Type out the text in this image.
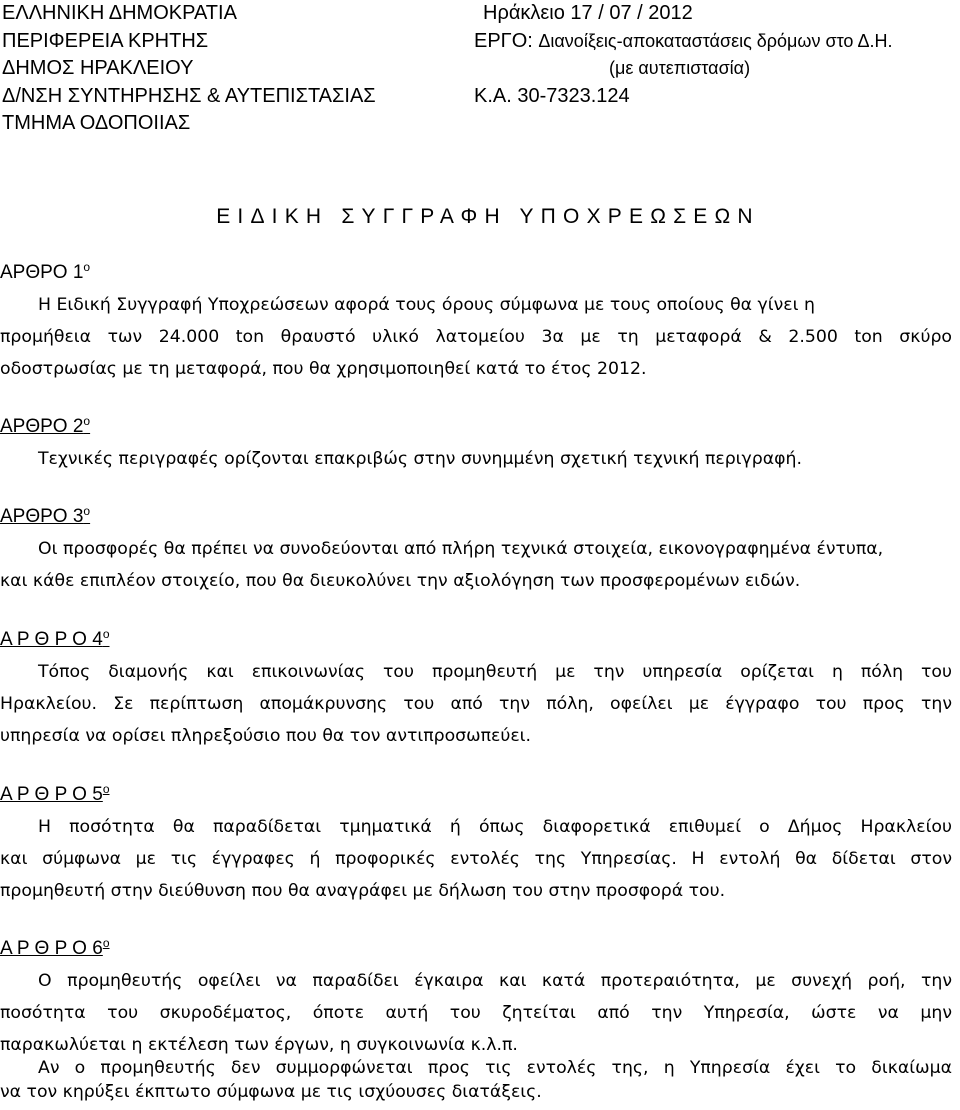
ΕΛΛΗΝΙΚΗ ΔΗΜΟΚΡΑΤΙΑ
ΠΕΡΙΦΕΡΕΙΑ ΚΡΗΤΗΣ
ΔΗΜΟΣ ΗΡΑΚΛΕΙΟΥ
Δ/ΝΣΗ ΣΥΝΤΗΡΗΣΗΣ & ΑΥΤΕΠΙΣΤΑΣΙΑΣ
ΤΜΗΜΑ ΟΔΟΠΟΙΙΑΣ
Ηράκλειο 17 / 07 / 2012
ΕΡΓΟ: Διανοίξεις-αποκαταστάσεις δρόμων στο Δ.Η.
(με αυτεπιστασία)
Κ.Α. 30-7323.124
ΕΙΔΙΚΗ ΣΥΓΓΡΑΦΗ ΥΠΟΧΡΕΩΣΕΩΝ
ΑΡΘΡΟ $1^o$
Η Ειδική Συγγραφή Υποχρεώσεων αφορά τους όρους σύμφωνα με τους οποίους θα γίνει η
προμήθεια των 24.000 ton θραυστό υλικό λατομείου 3α με τη μεταφορά & 2.500 ton σκύρο
οδοστρωσίας με τη μεταφορά, που θα χρησιμοποιηθεί κατά το έτος 2012.
ΑΡΘΡΟ $2^o$
Τεχνικές περιγραφές ορίζονται επακριβώς στην συνημμένη σχετική τεχνική περιγραφή.
ΑΡΘΡΟ $3^o$
Οι προσφορές θα πρέπει να συνοδεύονται από πλήρη τεχνικά στοιχεία, εικονογραφημένα έντυπα,
και κάθε επιπλέον στοιχείο, που θα διευκολύνει την αξιολόγηση των προσφερομένων ειδών.
Α Ρ Θ Ρ Ο $4^o$
Τόπος διαμονής και επικοινωνίας του προμηθευτή με την υπηρεσία ορίζεται η πόλη του
Ηρακλείου. Σε περίπτωση απομάκρυνσης του από την πόλη, οφείλει με έγγραφο του προς την
υπηρεσία να ορίσει πληρεξούσιο που θα τον αντιπροσωπεύει.
Α Ρ Θ Ρ Ο $5^o$
Η ποσότητα θα παραδίδεται τμηματικά ή όπως διαφορετικά επιθυμεί ο Δήμος Ηρακλείου
και σύμφωνα με τις έγγραφες ή προφορικές εντολές της Υπηρεσίας. Η εντολή θα δίδεται στον
προμηθευτή στην διεύθυνση που θα αναγράφει με δήλωση του στην προσφορά του.
Α Ρ Θ Ρ Ο $6^o$
Ο προμηθευτής οφείλει να παραδίδει έγκαιρα και κατά προτεραιότητα, με συνεχή ροή, την
ποσότητα του σκυροδέματος, όποτε αυτή του ζητείται από την Υπηρεσία, ώστε να μην
παρακωλύεται η εκτέλεση των έργων, η συγκοινωνία κ.λ.π.
Αν ο προμηθευτής δεν συμμορφώνεται προς τις εντολές της, η Υπηρεσία έχει το δικαίωμα
να τον κηρύξει έκπτωτο σύμφωνα με τις ισχύουσες διατάξεις.
